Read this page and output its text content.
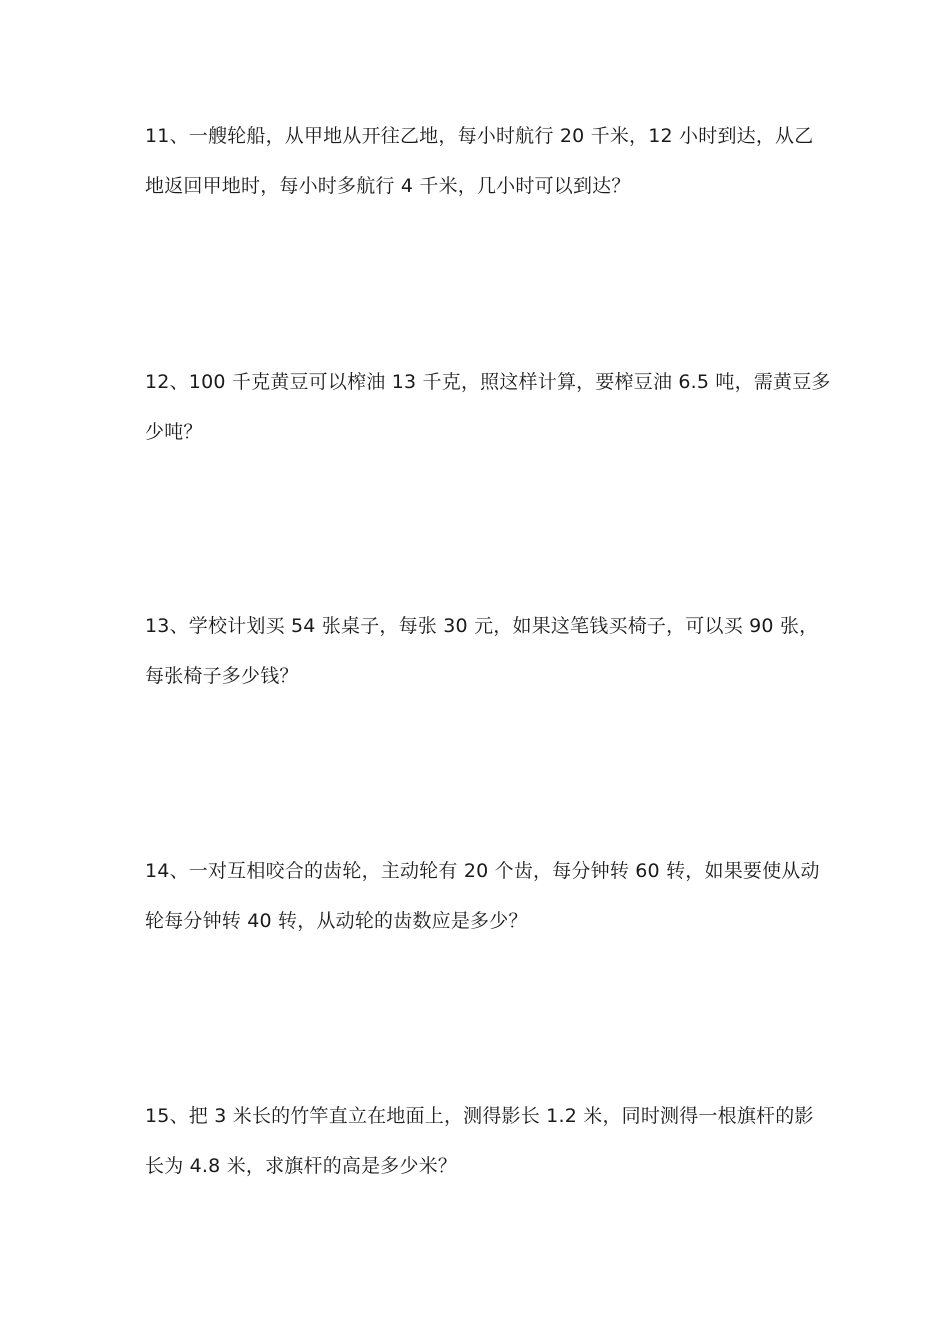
11、一艘轮船，从甲地从开往乙地，每小时航行 20 千米，12 小时到达，从乙
地返回甲地时，每小时多航行 4 千米，几小时可以到达？
12、100 千克黄豆可以榨油 13 千克，照这样计算，要榨豆油 6.5 吨，需黄豆多
少吨？
13、学校计划买 54 张桌子，每张 30 元，如果这笔钱买椅子，可以买 90 张，
每张椅子多少钱？
14、一对互相咬合的齿轮，主动轮有 20 个齿，每分钟转 60 转，如果要使从动
轮每分钟转 40 转，从动轮的齿数应是多少？
15、把 3 米长的竹竿直立在地面上，测得影长 1.2 米，同时测得一根旗杆的影
长为 4.8 米，求旗杆的高是多少米？
